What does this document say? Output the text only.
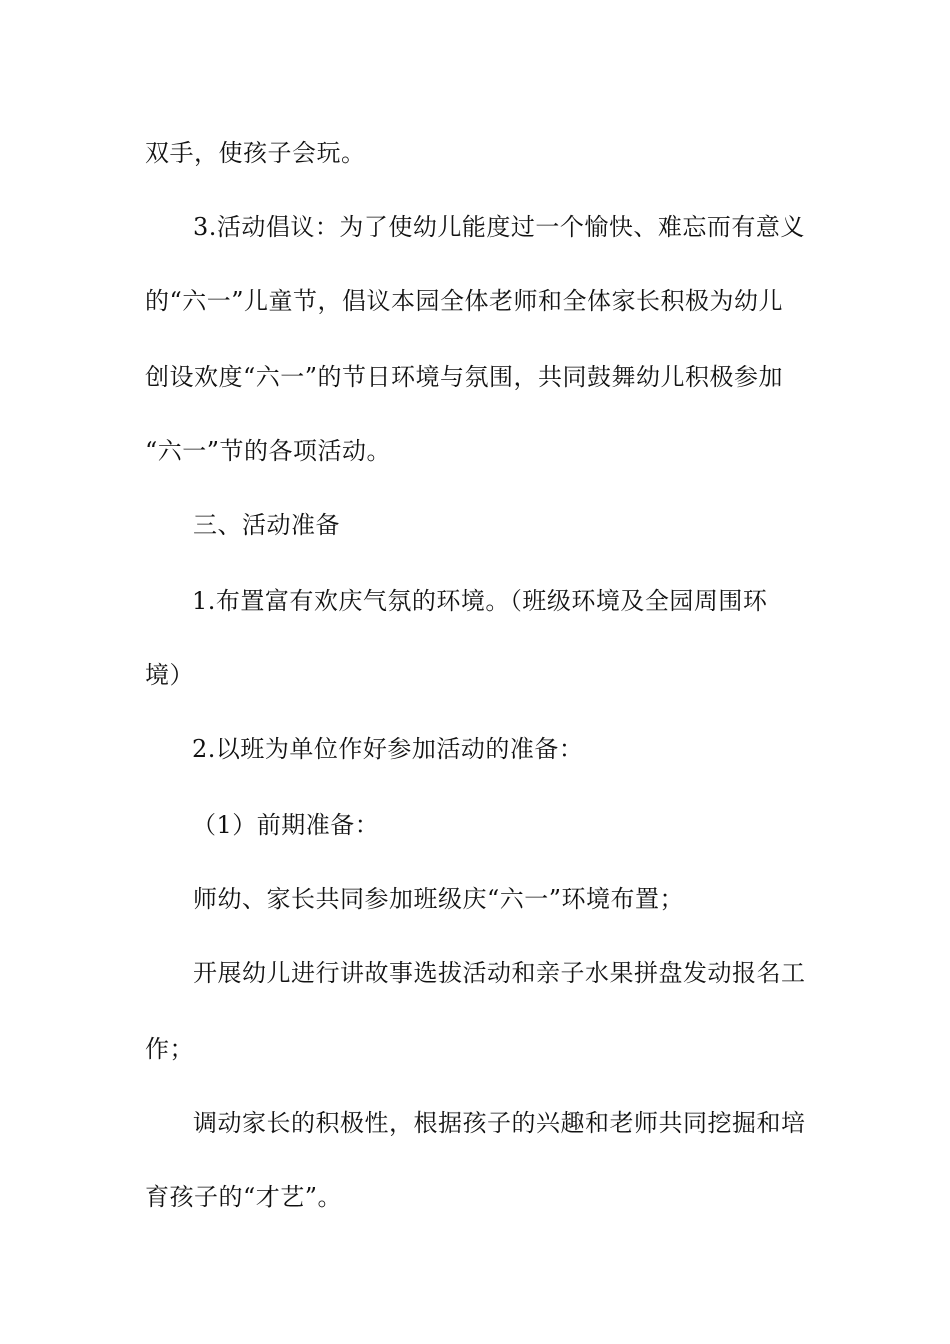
双手，使孩子会玩。
3.活动倡议：为了使幼儿能度过一个愉快、难忘而有意义
的“六一”儿童节，倡议本园全体老师和全体家长积极为幼儿
创设欢度“六一”的节日环境与氛围，共同鼓舞幼儿积极参加
“六一”节的各项活动。
三、活动准备
1.布置富有欢庆气氛的环境。（班级环境及全园周围环
境）
2.以班为单位作好参加活动的准备：
（1）前期准备：
师幼、家长共同参加班级庆“六一”环境布置；
开展幼儿进行讲故事选拔活动和亲子水果拼盘发动报名工
作；
调动家长的积极性，根据孩子的兴趣和老师共同挖掘和培
育孩子的“才艺”。
